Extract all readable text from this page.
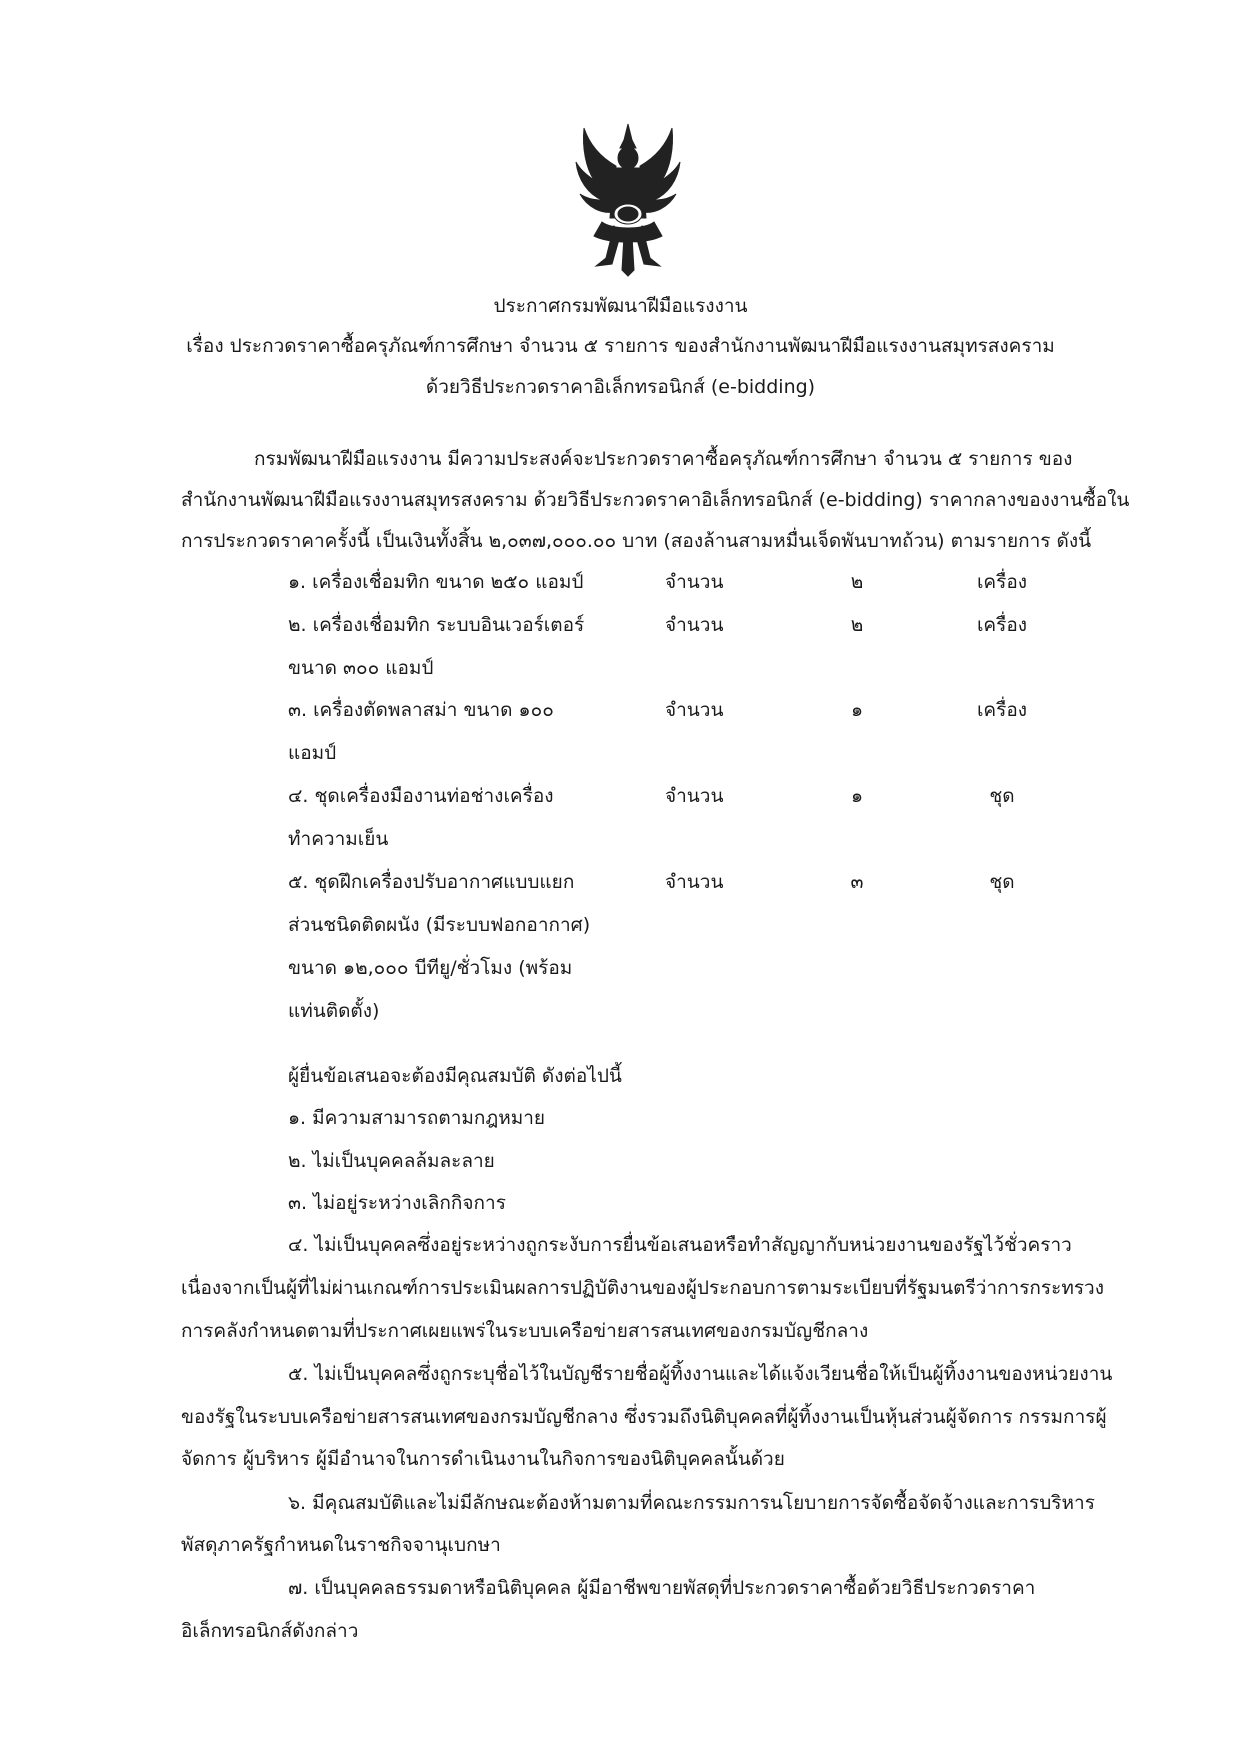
ประกาศกรมพัฒนาฝีมือแรงงาน
เรื่อง ประกวดราคาซื้อครุภัณฑ์การศึกษา จำนวน ๕ รายการ ของสำนักงานพัฒนาฝีมือแรงงานสมุทรสงคราม
ด้วยวิธีประกวดราคาอิเล็กทรอนิกส์ (e-bidding)
กรมพัฒนาฝีมือแรงงาน มีความประสงค์จะประกวดราคาซื้อครุภัณฑ์การศึกษา จำนวน ๕ รายการ ของ
สำนักงานพัฒนาฝีมือแรงงานสมุทรสงคราม ด้วยวิธีประกวดราคาอิเล็กทรอนิกส์ (e-bidding) ราคากลางของงานซื้อใน
การประกวดราคาครั้งนี้ เป็นเงินทั้งสิ้น ๒,๐๓๗,๐๐๐.๐๐ บาท (สองล้านสามหมื่นเจ็ดพันบาทถ้วน) ตามรายการ ดังนี้
๑. เครื่องเชื่อมทิก ขนาด ๒๕๐ แอมป์	จำนวน	๒	เครื่อง
๒. เครื่องเชื่อมทิก ระบบอินเวอร์เตอร์
ขนาด ๓๐๐ แอมป์
จำนวน	๒	เครื่อง
๓. เครื่องตัดพลาสม่า ขนาด ๑๐๐
แอมป์
จำนวน	๑	เครื่อง
๔. ชุดเครื่องมืองานท่อช่างเครื่อง
ทำความเย็น
จำนวน	๑	ชุด
๕. ชุดฝึกเครื่องปรับอากาศแบบแยก
ส่วนชนิดติดผนัง (มีระบบฟอกอากาศ)
ขนาด ๑๒,๐๐๐ บีทียู/ชั่วโมง (พร้อม
แท่นติดตั้ง)
จำนวน	๓	ชุด
ผู้ยื่นข้อเสนอจะต้องมีคุณสมบัติ ดังต่อไปนี้
๑. มีความสามารถตามกฎหมาย
๒. ไม่เป็นบุคคลล้มละลาย
๓. ไม่อยู่ระหว่างเลิกกิจการ
๔. ไม่เป็นบุคคลซึ่งอยู่ระหว่างถูกระงับการยื่นข้อเสนอหรือทำสัญญากับหน่วยงานของรัฐไว้ชั่วคราว
เนื่องจากเป็นผู้ที่ไม่ผ่านเกณฑ์การประเมินผลการปฏิบัติงานของผู้ประกอบการตามระเบียบที่รัฐมนตรีว่าการกระทรวง
การคลังกำหนดตามที่ประกาศเผยแพร่ในระบบเครือข่ายสารสนเทศของกรมบัญชีกลาง
๕. ไม่เป็นบุคคลซึ่งถูกระบุชื่อไว้ในบัญชีรายชื่อผู้ทิ้งงานและได้แจ้งเวียนชื่อให้เป็นผู้ทิ้งงานของหน่วยงาน
ของรัฐในระบบเครือข่ายสารสนเทศของกรมบัญชีกลาง ซึ่งรวมถึงนิติบุคคลที่ผู้ทิ้งงานเป็นหุ้นส่วนผู้จัดการ กรรมการผู้
จัดการ ผู้บริหาร ผู้มีอำนาจในการดำเนินงานในกิจการของนิติบุคคลนั้นด้วย
๖. มีคุณสมบัติและไม่มีลักษณะต้องห้ามตามที่คณะกรรมการนโยบายการจัดซื้อจัดจ้างและการบริหาร
พัสดุภาครัฐกำหนดในราชกิจจานุเบกษา
๗. เป็นบุคคลธรรมดาหรือนิติบุคคล ผู้มีอาชีพขายพัสดุที่ประกวดราคาซื้อด้วยวิธีประกวดราคา
อิเล็กทรอนิกส์ดังกล่าว
